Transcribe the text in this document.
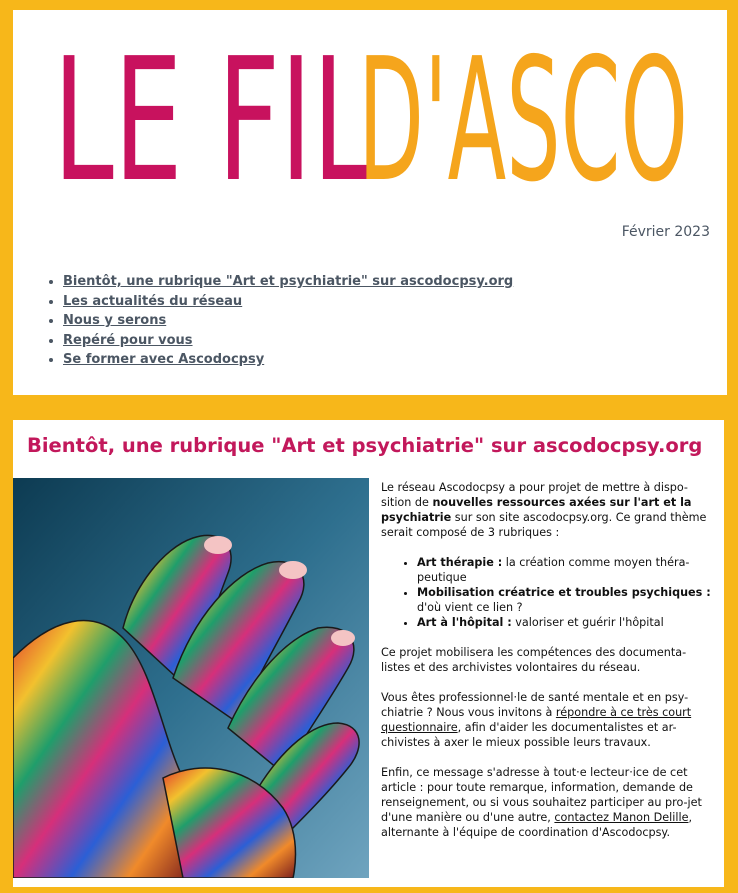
LE FIL
D'ASCO
Février 2023
• Bientôt, une rubrique "Art et psychiatrie" sur ascodocpsy.org
• Les actualités du réseau
• Nous y serons
• Repéré pour vous
• Se former avec Ascodocpsy
Bientôt, une rubrique "Art et psychiatrie" sur ascodocpsy.org

Le réseau Ascodocpsy a pour projet de mettre à dispo-sition de nouvelles ressources axées sur l'art et la psychiatrie sur son site ascodocpsy.org. Ce grand thème serait composé de 3 rubriques :

• Art thérapie : la création comme moyen théra-peutique
• Mobilisation créatrice et troubles psychiques : d'où vient ce lien ?
• Art à l'hôpital : valoriser et guérir l'hôpital

Ce projet mobilisera les compétences des documenta-listes et des archivistes volontaires du réseau.

Vous êtes professionnel·le de santé mentale et en psy-chiatrie ? Nous vous invitons à répondre à ce très court questionnaire, afin d'aider les documentalistes et ar-chivistes à axer le mieux possible leurs travaux.

Enfin, ce message s'adresse à tout·e lecteur·ice de cet article : pour toute remarque, information, demande de renseignement, ou si vous souhaitez participer au pro-jet d'une manière ou d'une autre, contactez Manon Delille, alternante à l'équipe de coordination d'Ascodocpsy.
